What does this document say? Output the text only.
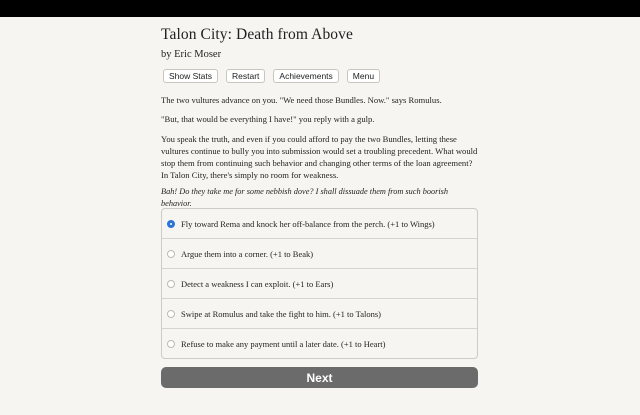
Talon City: Death from Above
by Eric Moser
Show Stats	Restart	Achievements	Menu

The two vultures advance on you. "We need those Bundles. Now." says Romulus.

"But, that would be everything I have!" you reply with a gulp.

You speak the truth, and even if you could afford to pay the two Bundles, letting these vultures continue to bully you into submission would set a troubling precedent. What would stop them from continuing such behavior and changing other terms of the loan agreement? In Talon City, there's simply no room for weakness.

Bah! Do they take me for some nebbish dove? I shall dissuade them from such boorish behavior.

Fly toward Rema and knock her off-balance from the perch. (+1 to Wings)
Argue them into a corner. (+1 to Beak)
Detect a weakness I can exploit. (+1 to Ears)
Swipe at Romulus and take the fight to him. (+1 to Talons)
Refuse to make any payment until a later date. (+1 to Heart)
Next
